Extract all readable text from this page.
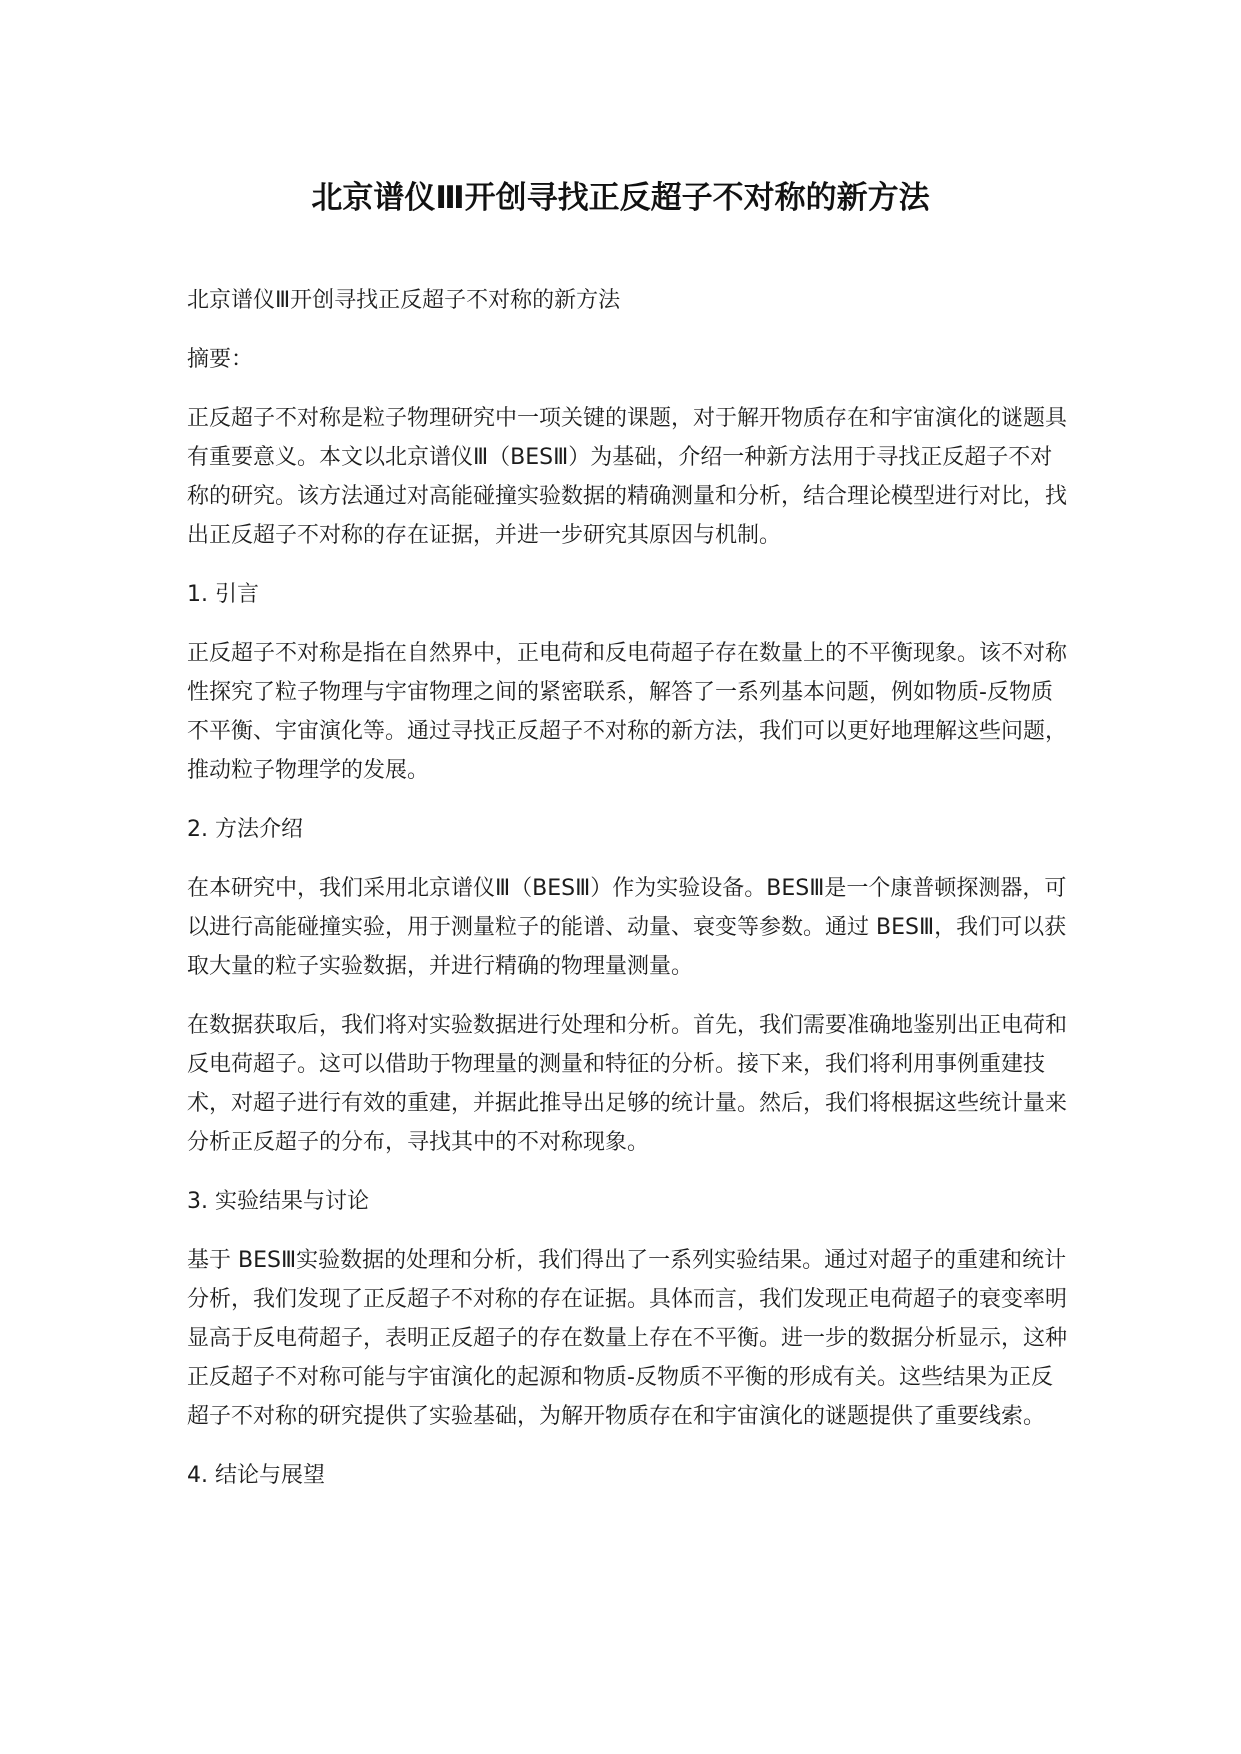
北京谱仪Ⅲ开创寻找正反超子不对称的新方法

北京谱仪Ⅲ开创寻找正反超子不对称的新方法

摘要：

正反超子不对称是粒子物理研究中一项关键的课题，对于解开物质存在和宇宙演化的谜题具有重要意义。本文以北京谱仪Ⅲ（BESⅢ）为基础，介绍一种新方法用于寻找正反超子不对称的研究。该方法通过对高能碰撞实验数据的精确测量和分析，结合理论模型进行对比，找出正反超子不对称的存在证据，并进一步研究其原因与机制。

1. 引言

正反超子不对称是指在自然界中，正电荷和反电荷超子存在数量上的不平衡现象。该不对称性探究了粒子物理与宇宙物理之间的紧密联系，解答了一系列基本问题，例如物质-反物质不平衡、宇宙演化等。通过寻找正反超子不对称的新方法，我们可以更好地理解这些问题，推动粒子物理学的发展。

2. 方法介绍

在本研究中，我们采用北京谱仪Ⅲ（BESⅢ）作为实验设备。BESⅢ是一个康普顿探测器，可以进行高能碰撞实验，用于测量粒子的能谱、动量、衰变等参数。通过 BESⅢ，我们可以获取大量的粒子实验数据，并进行精确的物理量测量。

在数据获取后，我们将对实验数据进行处理和分析。首先，我们需要准确地鉴别出正电荷和反电荷超子。这可以借助于物理量的测量和特征的分析。接下来，我们将利用事例重建技术，对超子进行有效的重建，并据此推导出足够的统计量。然后，我们将根据这些统计量来分析正反超子的分布，寻找其中的不对称现象。

3. 实验结果与讨论

基于 BESⅢ实验数据的处理和分析，我们得出了一系列实验结果。通过对超子的重建和统计分析，我们发现了正反超子不对称的存在证据。具体而言，我们发现正电荷超子的衰变率明显高于反电荷超子，表明正反超子的存在数量上存在不平衡。进一步的数据分析显示，这种正反超子不对称可能与宇宙演化的起源和物质-反物质不平衡的形成有关。这些结果为正反超子不对称的研究提供了实验基础，为解开物质存在和宇宙演化的谜题提供了重要线索。

4. 结论与展望
